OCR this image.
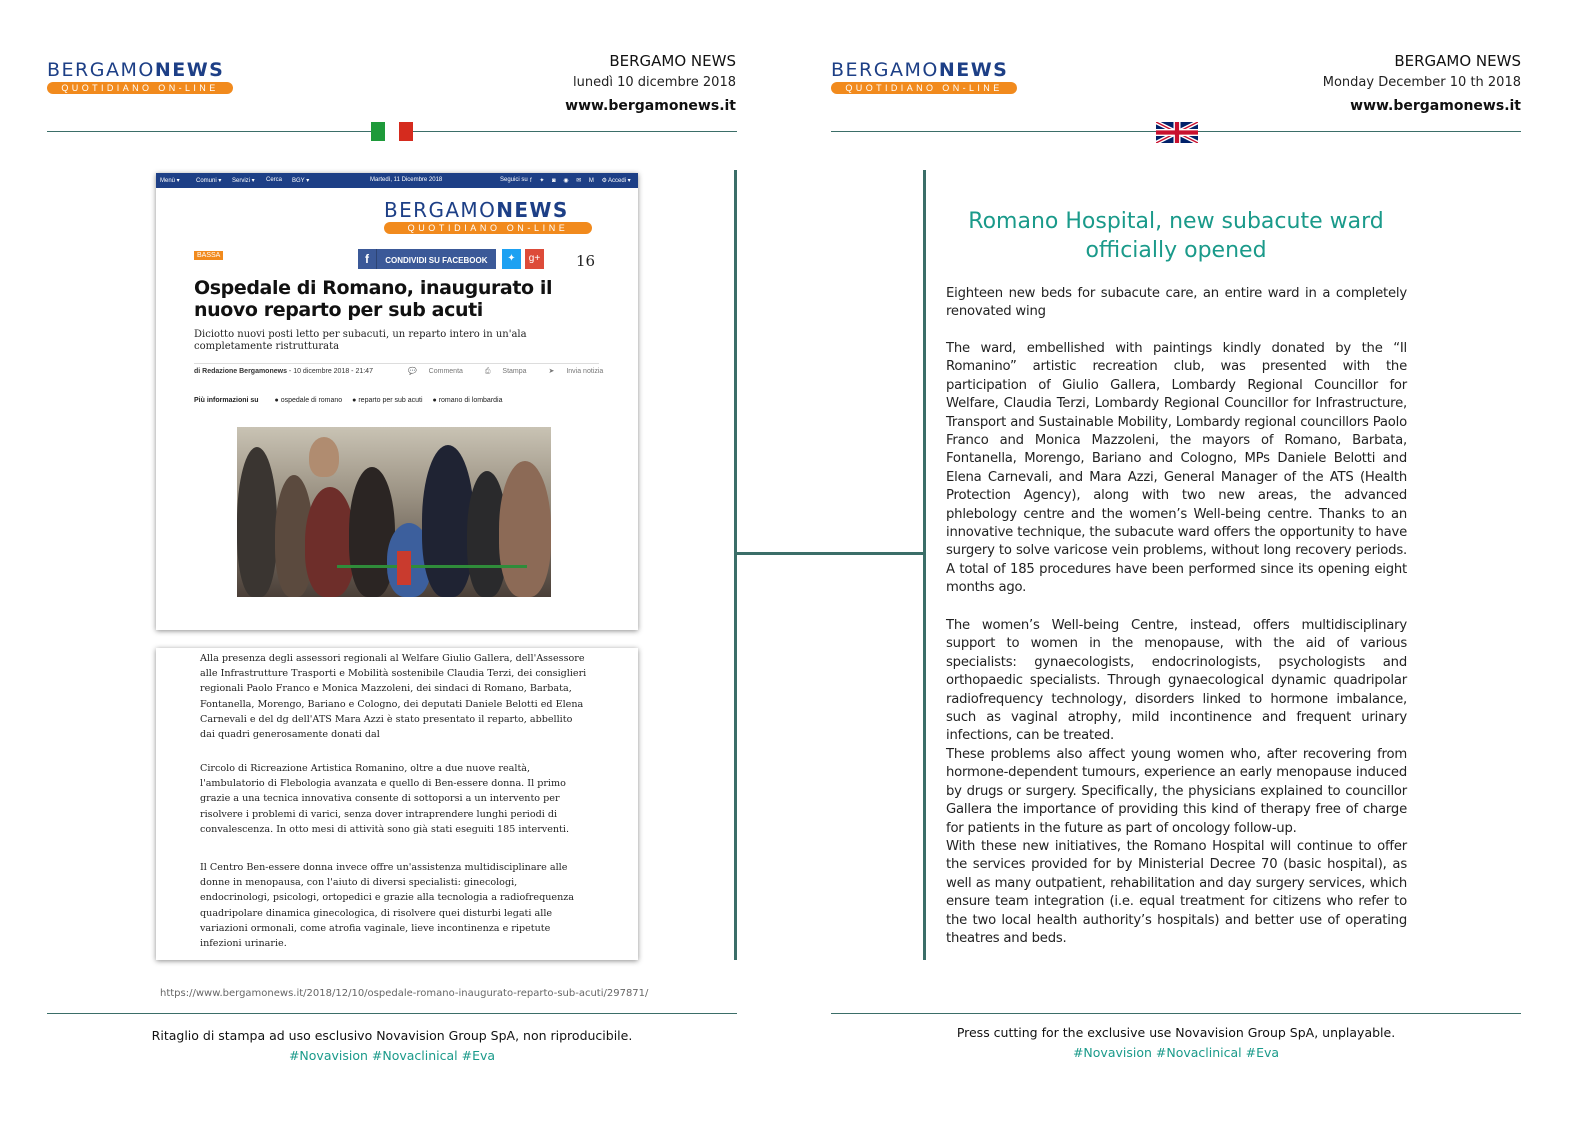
BERGAMONEWS
QUOTIDIANO ON-LINE
BERGAMO NEWS
lunedì 10 dicembre 2018
www.bergamonews.it
Menù ▾	Comuni ▾ Servizi ▾ Cerca BGY ▾	Martedì, 11 Dicembre 2018	Seguici su f ✦ ◙ ◉ ✉ M ⚙
Accedi ▾
BERGAMONEWS
QUOTIDIANO ON-LINE
BASSA	f CONDIVIDI SU FACEBOOK	✦	g+ 16
Ospedale di Romano, inaugurato il nuovo reparto per sub acuti
Diciotto nuovi posti letto per subacuti, un reparto intero in un'ala completamente ristrutturata
di Redazione Bergamonews - 10 dicembre 2018 - 21:47	💬 Commenta	⎙ Stampa	➤ Invia notizia
Più informazioni su ● ospedale di romano ● reparto per sub acuti ● romano di lombardia
Alla presenza degli assessori regionali al Welfare Giulio Gallera, dell'Assessore alle Infrastrutture Trasporti e Mobilità sostenibile Claudia Terzi, dei consiglieri regionali Paolo Franco e Monica Mazzoleni, dei sindaci di Romano, Barbata, Fontanella, Morengo, Bariano e Cologno, dei deputati Daniele Belotti ed Elena Carnevali e del dg dell'ATS Mara Azzi è stato presentato il reparto, abbellito dai quadri generosamente donati dal
Circolo di Ricreazione Artistica Romanino, oltre a due nuove realtà, l'ambulatorio di Flebologia avanzata e quello di Ben-essere donna. Il primo grazie a una tecnica innovativa consente di sottoporsi a un intervento per risolvere i problemi di varici, senza dover intraprendere lunghi periodi di convalescenza. In otto mesi di attività sono già stati eseguiti 185 interventi.
Il Centro Ben-essere donna invece offre un'assistenza multidisciplinare alle donne in menopausa, con l'aiuto di diversi specialisti: ginecologi, endocrinologi, psicologi, ortopedici e grazie alla tecnologia a radiofrequenza quadripolare dinamica ginecologica, di risolvere quei disturbi legati alle variazioni ormonali, come atrofia vaginale, lieve incontinenza e ripetute infezioni urinarie.
https://www.bergamonews.it/2018/12/10/ospedale-romano-inaugurato-reparto-sub-acuti/297871/
Ritaglio di stampa ad uso esclusivo Novavision Group SpA, non riproducibile.
#Novavision #Novaclinical #Eva
BERGAMONEWS
QUOTIDIANO ON-LINE
BERGAMO NEWS
Monday December 10 th 2018
www.bergamonews.it
Romano Hospital, new subacute ward officially opened

Eighteen new beds for subacute care, an entire ward in a completely renovated wing

The ward, embellished with paintings kindly donated by the “Il Romanino” artistic recreation club, was presented with the participation of Giulio Gallera, Lombardy Regional Councillor for Welfare, Claudia Terzi, Lombardy Regional Councillor for Infrastructure, Transport and Sustainable Mobility, Lombardy regional councillors Paolo Franco and Monica Mazzoleni, the mayors of Romano, Barbata, Fontanella, Morengo, Bariano and Cologno, MPs Daniele Belotti and Elena Carnevali, and Mara Azzi, General Manager of the ATS (Health Protection Agency), along with two new areas, the advanced phlebology centre and the women’s Well-being centre. Thanks to an innovative technique, the subacute ward offers the opportunity to have surgery to solve varicose vein problems, without long recovery periods. A total of 185 procedures have been performed since its opening eight months ago.

The women’s Well-being Centre, instead, offers multidisciplinary support to women in the menopause, with the aid of various specialists: gynaecologists, endocrinologists, psychologists and orthopaedic specialists. Through gynaecological dynamic quadripolar radiofrequency technology, disorders linked to hormone imbalance, such as vaginal atrophy, mild incontinence and frequent urinary infections, can be treated.

These problems also affect young women who, after recovering from hormone-dependent tumours, experience an early menopause induced by drugs or surgery. Specifically, the physicians explained to councillor Gallera the importance of providing this kind of therapy free of charge for patients in the future as part of oncology follow-up.

With these new initiatives, the Romano Hospital will continue to offer the services provided for by Ministerial Decree 70 (basic hospital), as well as many outpatient, rehabilitation and day surgery services, which ensure team integration (i.e. equal treatment for citizens who refer to the two local health authority’s hospitals) and better use of operating theatres and beds.

Press cutting for the exclusive use Novavision Group SpA, unplayable.
#Novavision #Novaclinical #Eva
